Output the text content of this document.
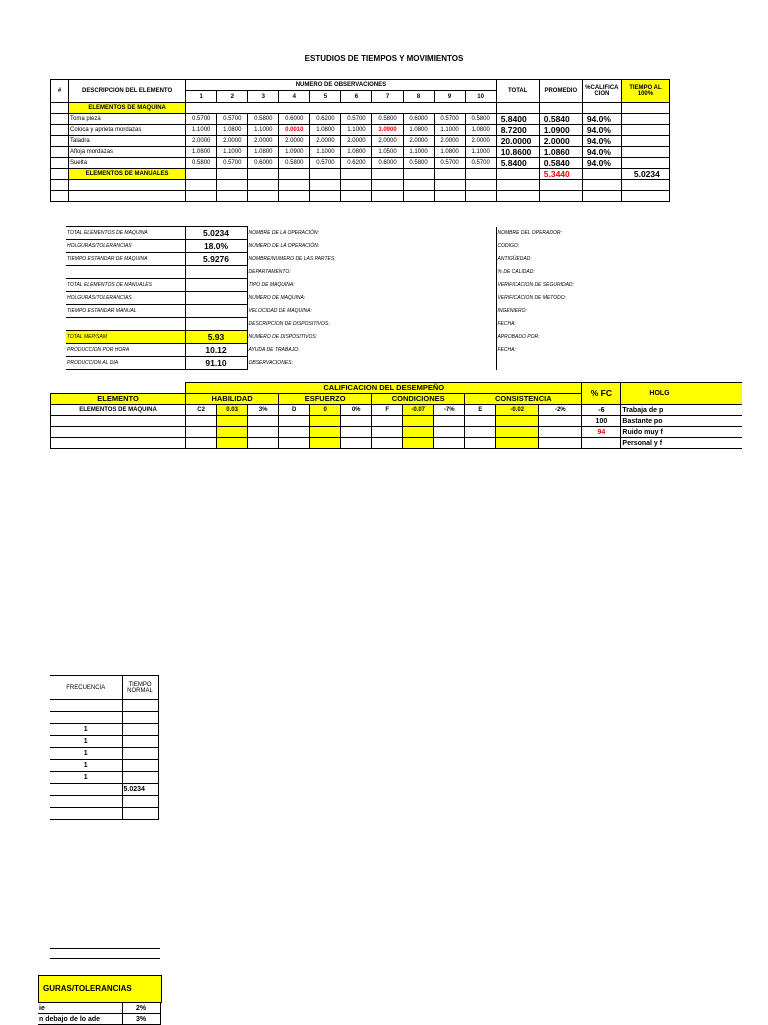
ESTUDIOS DE TIEMPOS Y MOVIMIENTOS
#	DESCRIPCION DEL ELEMENTO	NUMERO DE OBSERVACIONES										TOTAL	PROMEDIO	%CALIFICA CION	TIEMPO AL 100%
		1	2	3	4	5	6	7	8	9	10				
	ELEMENTOS DE MAQUINA														
	Toma pieza	0.5700	0.5700	0.5800	0.6000	0.6200	0.5700	0.5800	0.6000	0.5700	0.5800	5.8400	0.5840	94.0%	
	Coloca y aprieta mordazas	1.1000	1.0800	1.1000	0.0010	1.0800	1.1000	3.0900	1.0800	1.1000	1.0800	8.7200	1.0900	94.0%	
	Taladra	2.0000	2.0000	2.0000	2.0000	2.0000	2.0000	2.0000	2.0000	2.0000	2.0000	20.0000	2.0000	94.0%	
	Afloja mordazas	1.0800	1.1000	1.0800	1.0900	1.1000	1.0800	1.0500	1.1000	1.0800	1.1000	10.8600	1.0860	94.0%	
	Suelta	0.5800	0.5700	0.6000	0.5800	0.5700	0.6200	0.6000	0.5800	0.5700	0.5700	5.8400	0.5840	94.0%	
	ELEMENTOS DE MANUALES												5.3440		5.0234

TOTAL ELEMENTOS DE MAQUINA	5.0234	NOMBRE DE LA OPERACIÓN:	NOMBRE DEL OPERADOR:
HOLGURAS/TOLERANCIAS	18.0%	NUMERO DE LA OPERACIÓN:	CODIGO:
TIEMPO ESTANDAR DE MAQUINA	5.9276	NOMBRE/NUMERO DE LAS PARTES:	ANTIGÜEDAD:
		DEPARTAMENTO:	% DE CALIDAD:
TOTAL ELEMENTOS DE MANUALES		TIPO DE MAQUINA:	VERIFICACION DE SEGURIDAD:
HOLGURAS/TOLERANCIAS		NUMERO DE MAQUINA:	VERIFICACION DE METODO:
TIEMPO ESTANDAR MANUAL		VELOCIDAD DE MAQUINA:	INGENIERO:
		DESCRIPCION DE DISPOSITIVOS:	FECHA:
TOTAL MEP/SAM	5.93	NUMERO DE DISPOSITIVOS:	APROBADO POR:
PRODUCCION POR HORA	10.12	AYUDA DE TRABAJO:	FECHA:
PRODUCCION AL DIA	91.10	OBSERVACIONES:	
	CALIFICACION DEL DESEMPEÑO												% FC	HOLG
ELEMENTO	HABILIDAD			ESFUERZO			CONDICIONES			CONSISTENCIA				
ELEMENTOS DE MAQUINA	C2	0.03	3%	D	0	0%	F	-0.07	-7%	E	-0.02	-2%	-6	Trabaja de p
													100	Bastante po
													94	Ruido muy f
														Personal y f
FRECUENCIA	TIEMPO NORMAL

1	
1	
1	
1	
1	
	5.0234

GURAS/TOLERANCIAS
ie	2%
n debajo de lo ade	3%
